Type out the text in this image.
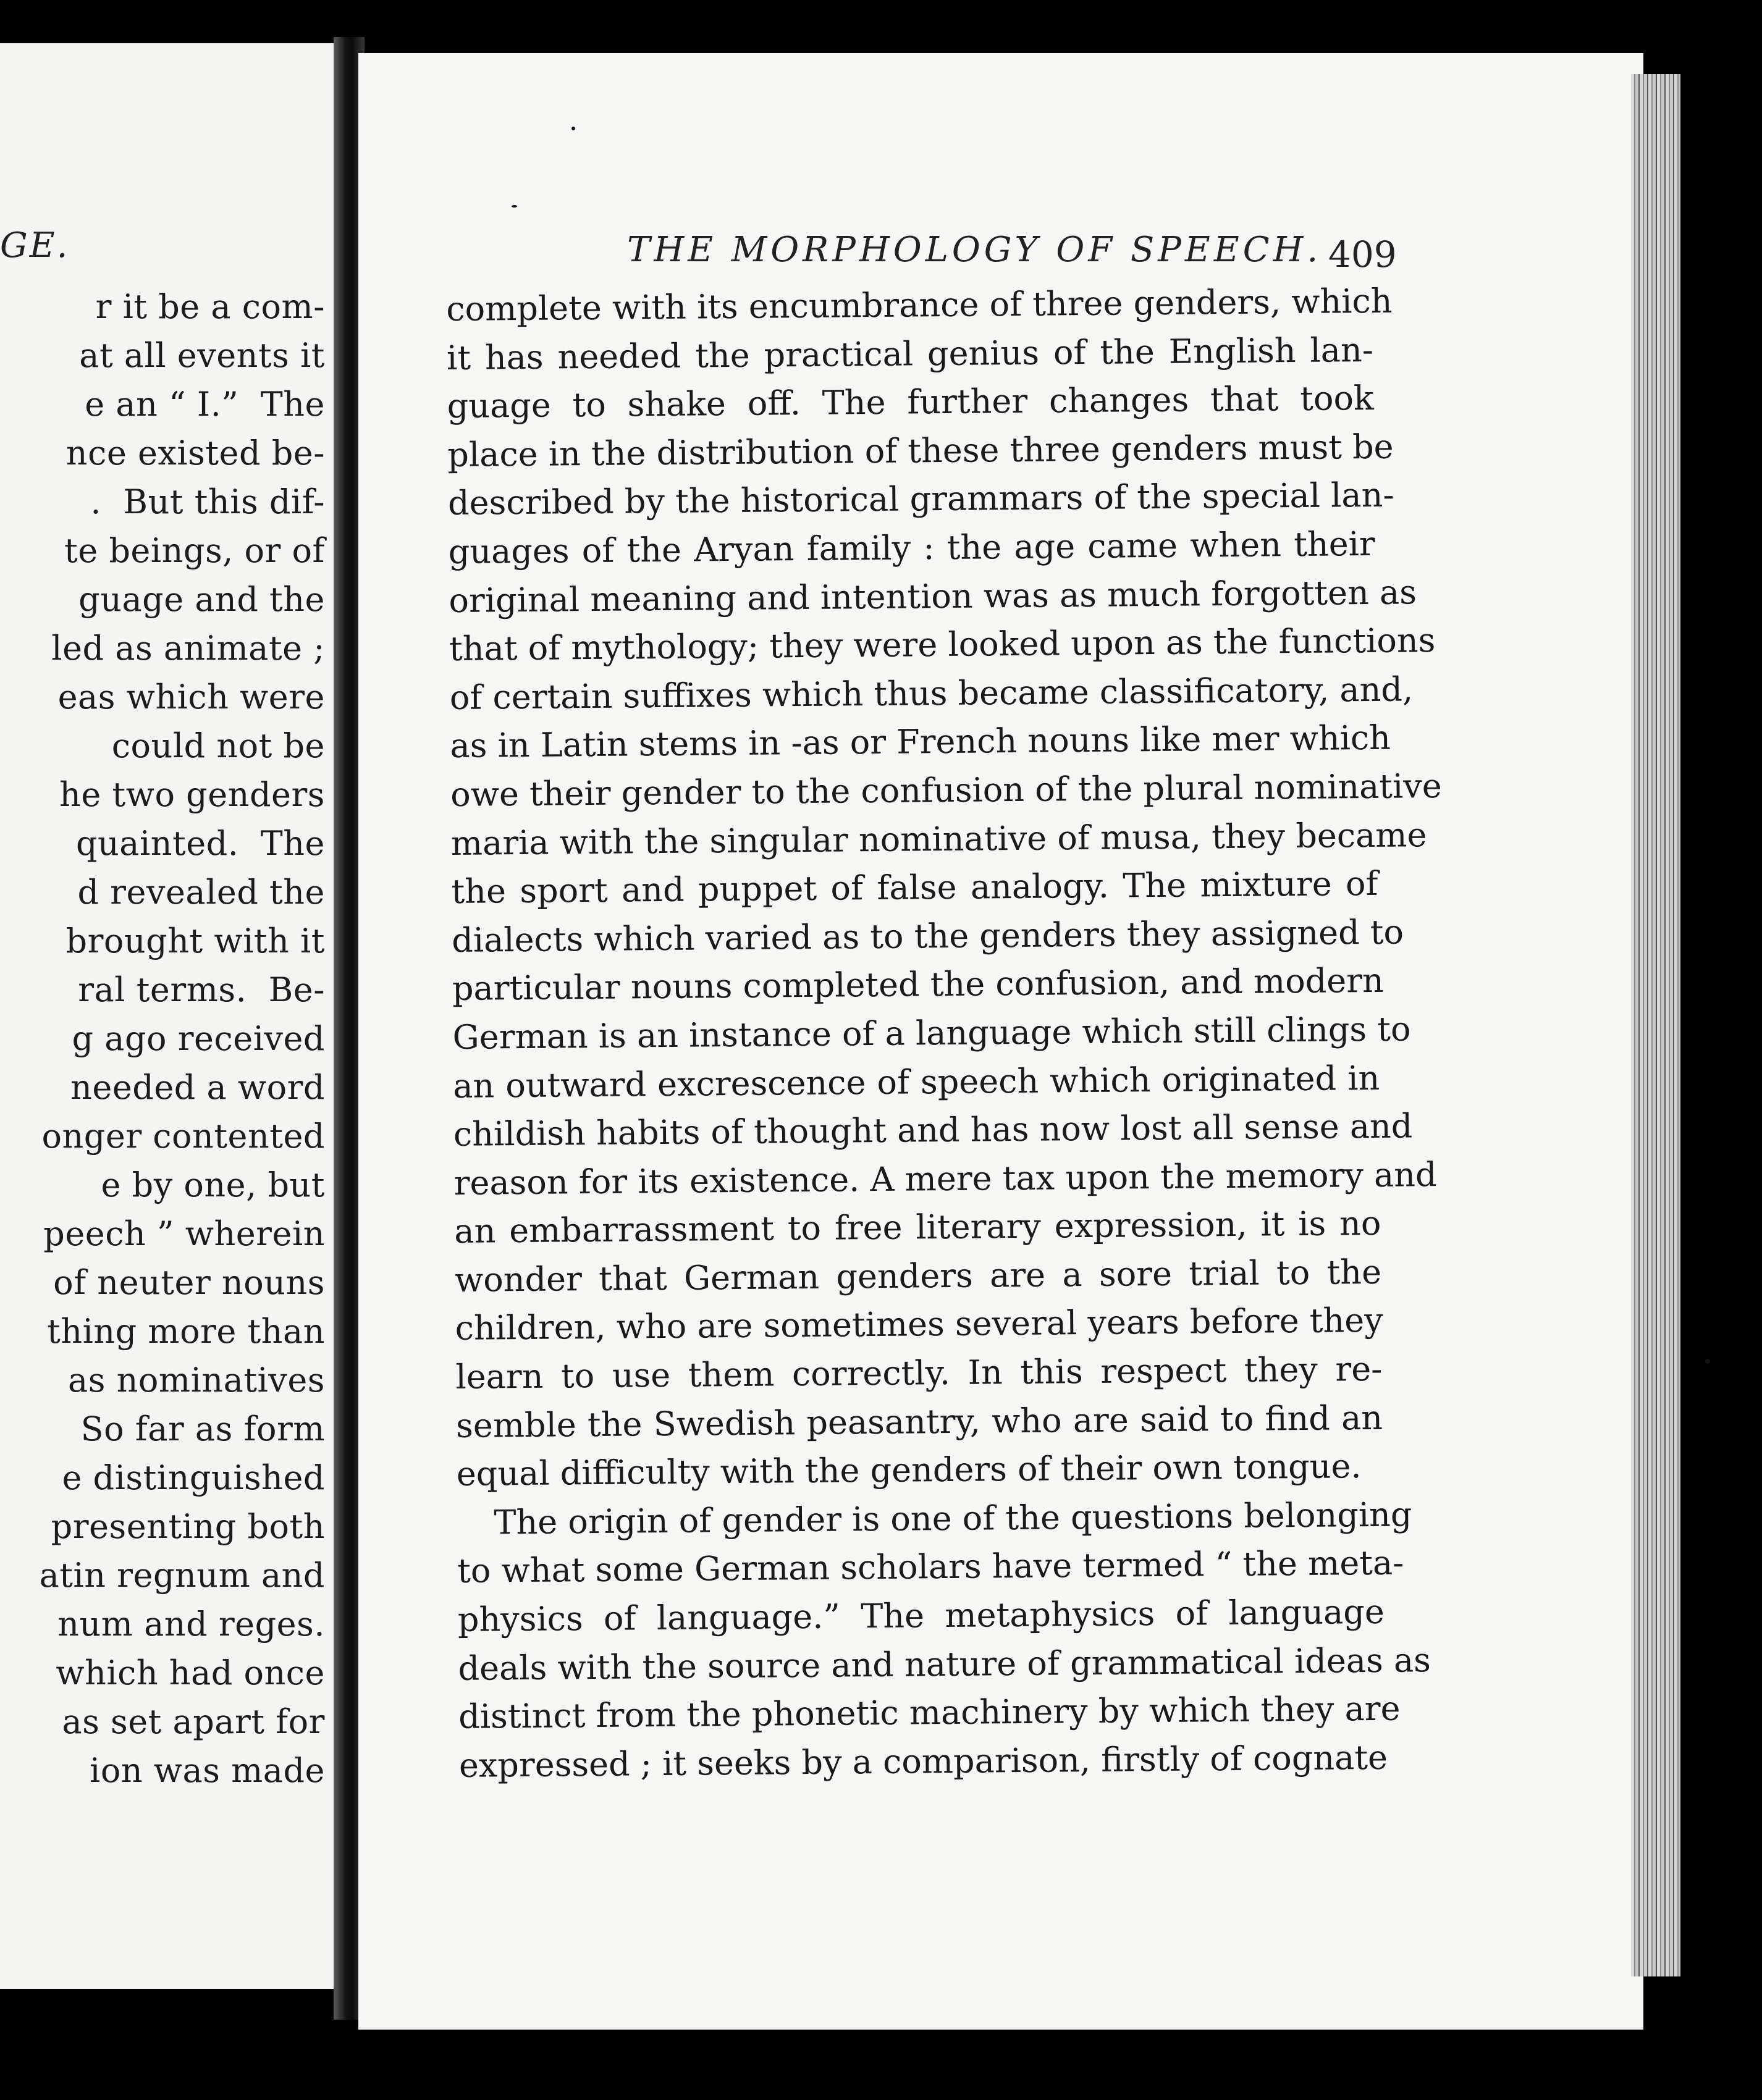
GE.
r it be a com-
at all events it
e an “ I.”  The
nce existed be-
.  But this dif-
te beings, or of
guage and the
led as animate ;
eas which were
could not be
he two genders
quainted.  The
d revealed the
brought with it
ral terms.  Be-
g ago received
needed a word
onger contented
e by one, but
peech ” wherein
of neuter nouns
thing more than
as nominatives
So far as form
e distinguished
presenting both
atin regnum and
num and reges.
which had once
as set apart for
ion was made
THE MORPHOLOGY OF SPEECH. 409
complete with its encumbrance of three genders, which
it has needed the practical genius of the English lan-
guage to shake off. The further changes that took
place in the distribution of these three genders must be
described by the historical grammars of the special lan-
guages of the Aryan family : the age came when their
original meaning and intention was as much forgotten as
that of mythology; they were looked upon as the functions
of certain suffixes which thus became classificatory, and,
as in Latin stems in -as or French nouns like mer which
owe their gender to the confusion of the plural nominative
maria with the singular nominative of musa, they became
the sport and puppet of false analogy. The mixture of
dialects which varied as to the genders they assigned to
particular nouns completed the confusion, and modern
German is an instance of a language which still clings to
an outward excrescence of speech which originated in
childish habits of thought and has now lost all sense and
reason for its existence. A mere tax upon the memory and
an embarrassment to free literary expression, it is no
wonder that German genders are a sore trial to the
children, who are sometimes several years before they
learn to use them correctly. In this respect they re-
semble the Swedish peasantry, who are said to find an
equal difficulty with the genders of their own tongue.
The origin of gender is one of the questions belonging
to what some German scholars have termed “ the meta-
physics of language.” The metaphysics of language
deals with the source and nature of grammatical ideas as
distinct from the phonetic machinery by which they are
expressed ; it seeks by a comparison, firstly of cognate
